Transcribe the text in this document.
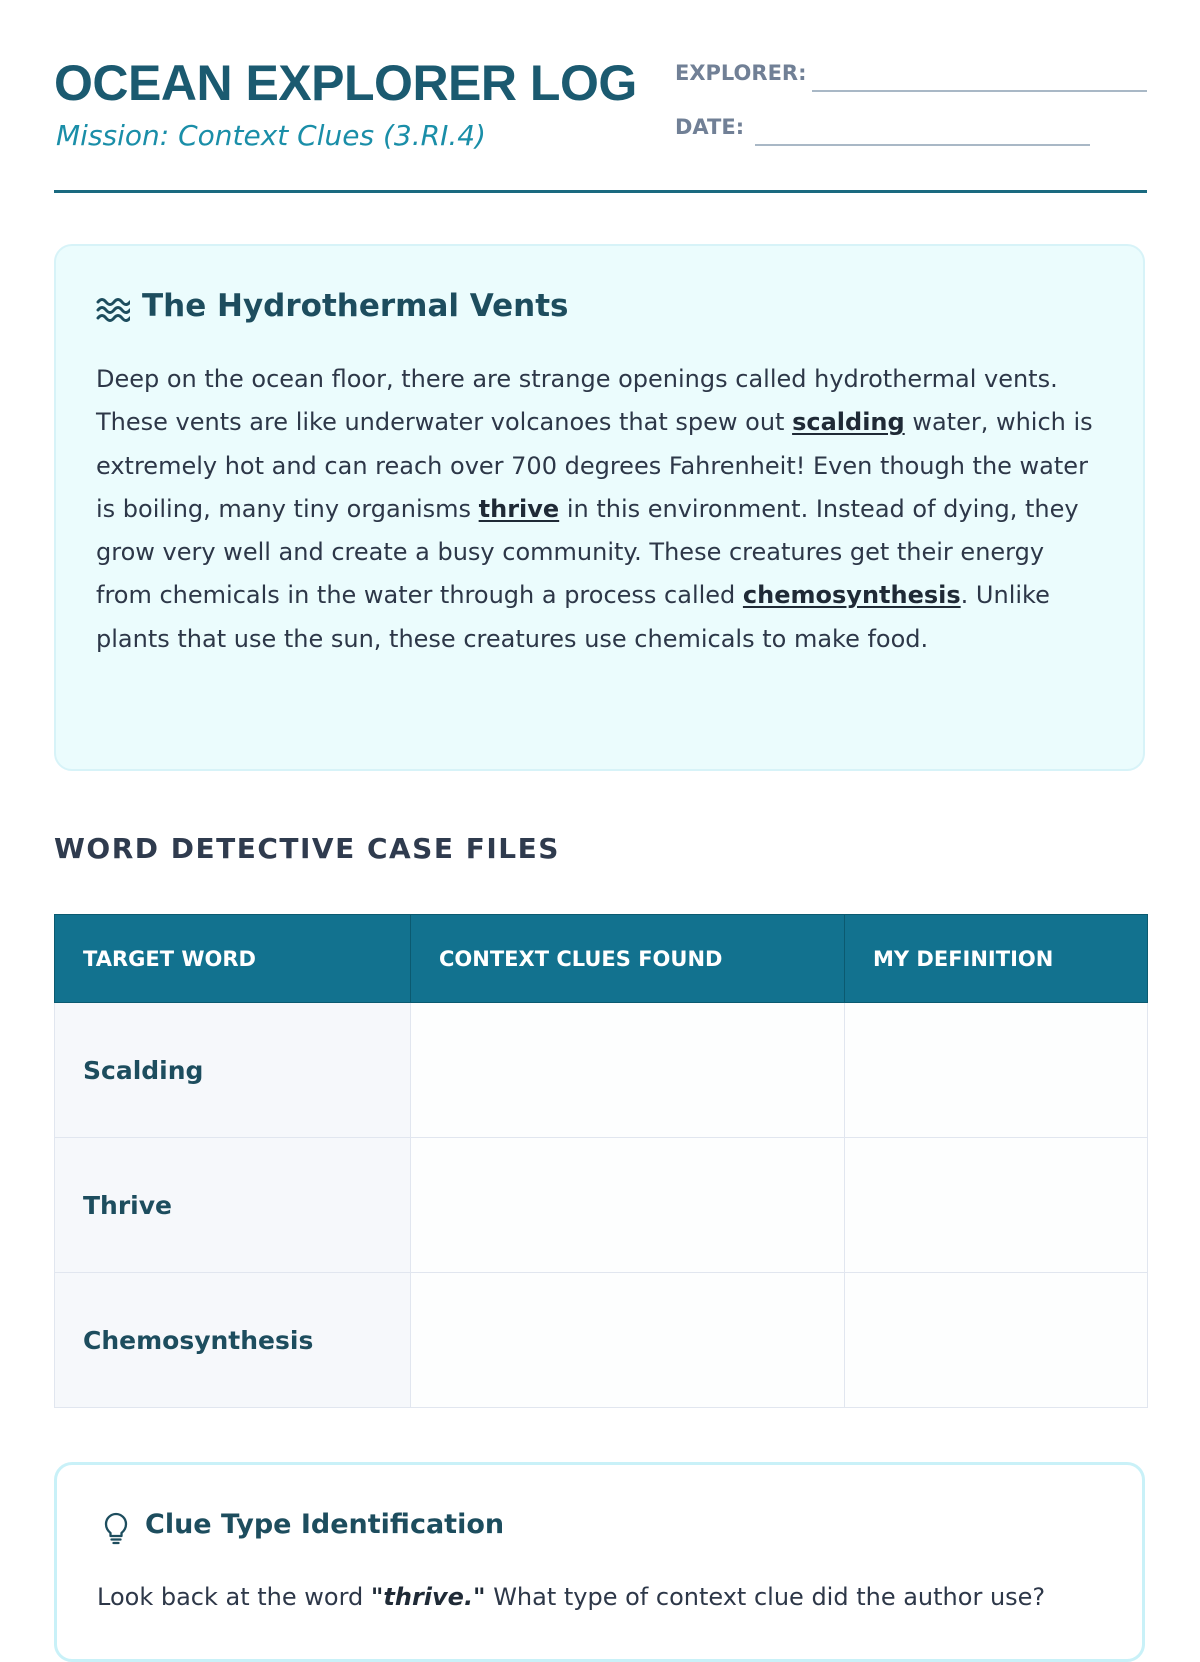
OCEAN EXPLORER LOG
Mission: Context Clues (3.RI.4)
EXPLORER:
DATE:
The Hydrothermal Vents

Deep on the ocean floor, there are strange openings called hydrothermal vents. These vents are like underwater volcanoes that spew out scalding water, which is extremely hot and can reach over 700 degrees Fahrenheit! Even though the water is boiling, many tiny organisms thrive in this environment. Instead of dying, they grow very well and create a busy community. These creatures get their energy from chemicals in the water through a process called chemosynthesis. Unlike plants that use the sun, these creatures use chemicals to make food.

WORD DETECTIVE CASE FILES
TARGET WORD	CONTEXT CLUES FOUND	MY DEFINITION
Scalding		
Thrive		
Chemosynthesis		
Clue Type Identification
Look back at the word "thrive." What type of context clue did the author use?
